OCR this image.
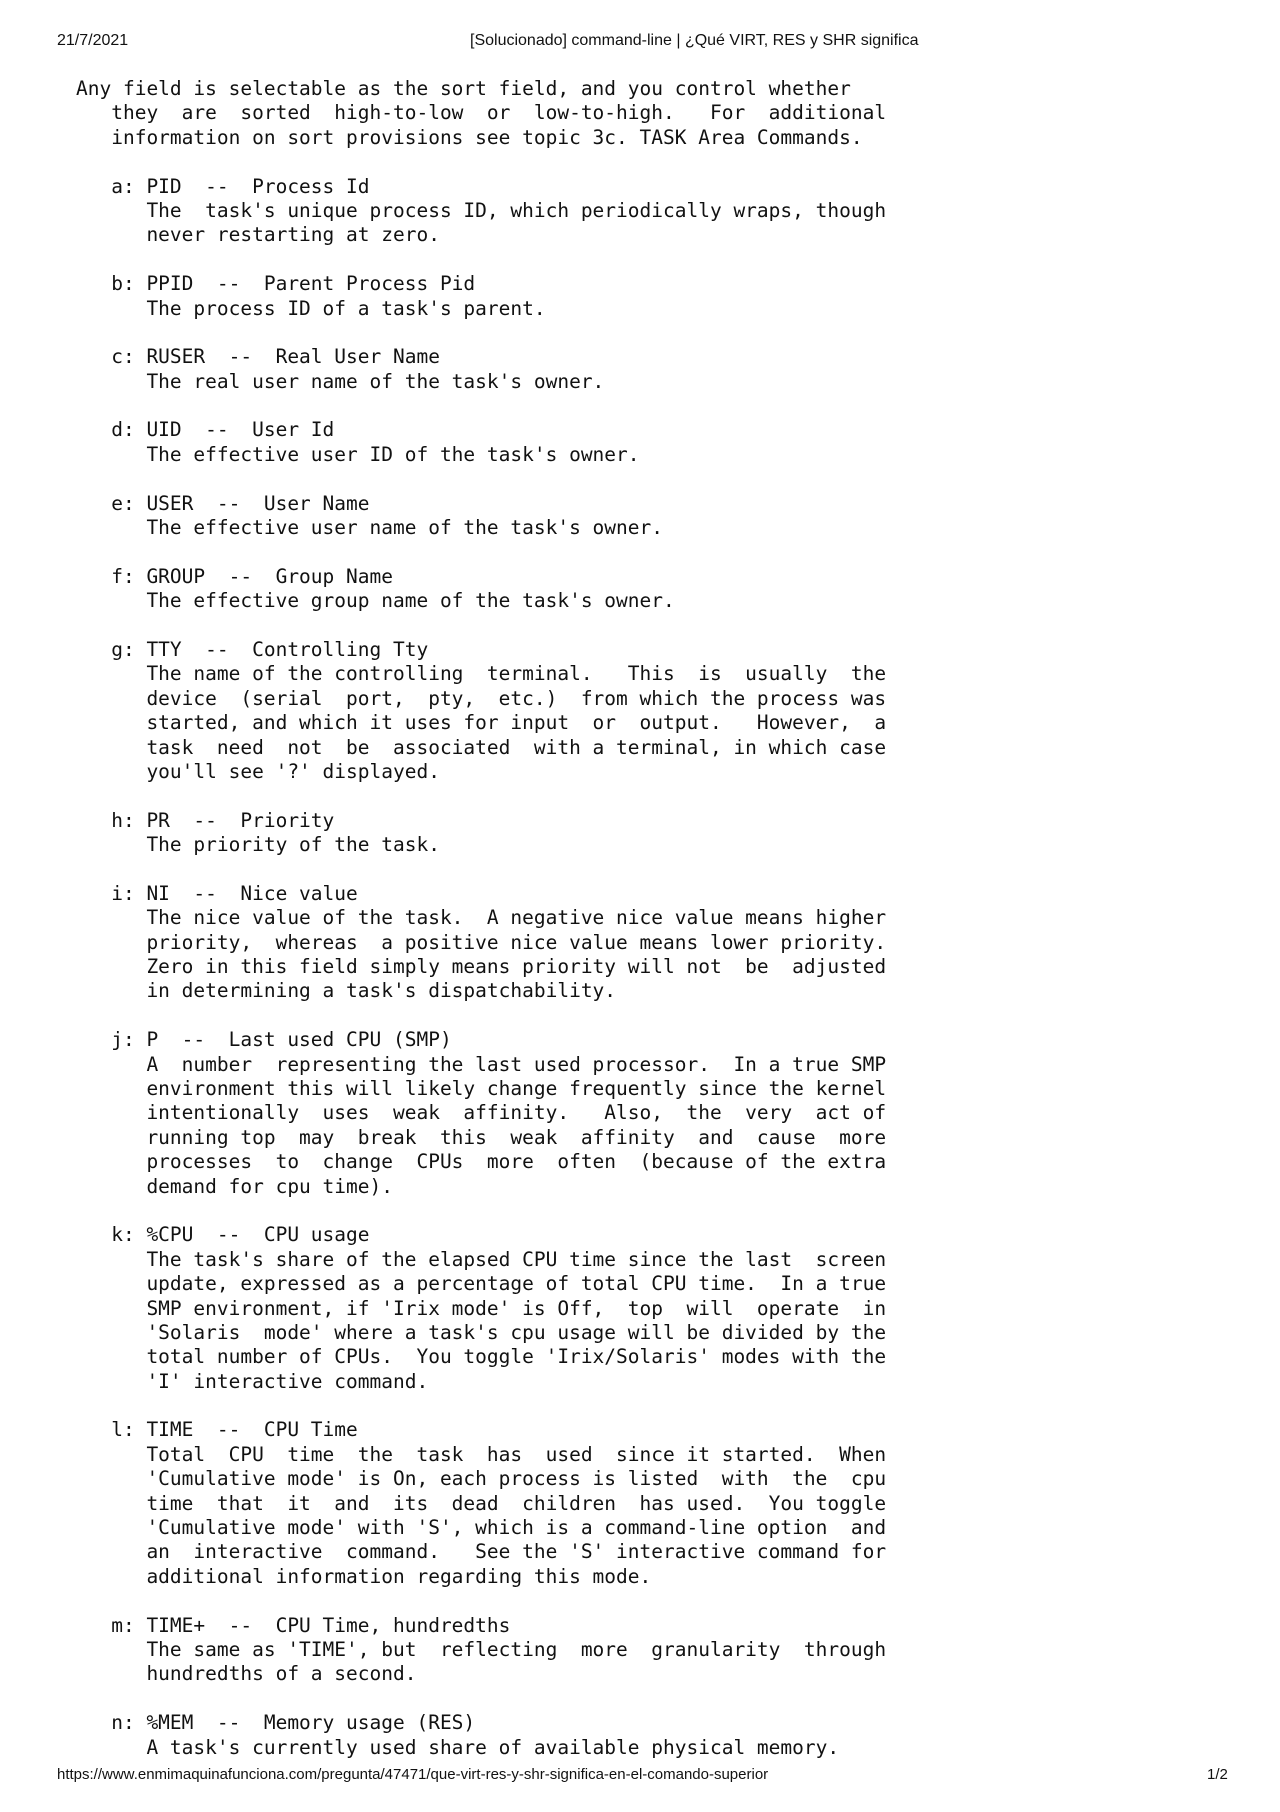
21/7/2021	[Solucionado] command-line | ¿Qué VIRT, RES y SHR significa
Any field is selectable as the sort field, and you control whether
they  are  sorted  high-to-low  or  low-to-high.   For  additional
information on sort provisions see topic 3c. TASK Area Commands.
a: PID  --  Process Id
The  task's unique process ID, which periodically wraps, though
never restarting at zero.
b: PPID  --  Parent Process Pid
The process ID of a task's parent.
c: RUSER  --  Real User Name
The real user name of the task's owner.
d: UID  --  User Id
The effective user ID of the task's owner.
e: USER  --  User Name
The effective user name of the task's owner.
f: GROUP  --  Group Name
The effective group name of the task's owner.
g: TTY  --  Controlling Tty
The name of the controlling  terminal.   This  is  usually  the
device  (serial  port,  pty,  etc.)  from which the process was
started, and which it uses for input  or  output.   However,  a
task  need  not  be  associated  with a terminal, in which case
you'll see '?' displayed.
h: PR  --  Priority
The priority of the task.
i: NI  --  Nice value
The nice value of the task.  A negative nice value means higher
priority,  whereas  a positive nice value means lower priority.
Zero in this field simply means priority will not  be  adjusted
in determining a task's dispatchability.
j: P  --  Last used CPU (SMP)
A  number  representing the last used processor.  In a true SMP
environment this will likely change frequently since the kernel
intentionally  uses  weak  affinity.   Also,  the  very  act of
running top  may  break  this  weak  affinity  and  cause  more
processes  to  change  CPUs  more  often  (because of the extra
demand for cpu time).
k: %CPU  --  CPU usage
The task's share of the elapsed CPU time since the last  screen
update, expressed as a percentage of total CPU time.  In a true
SMP environment, if 'Irix mode' is Off,  top  will  operate  in
'Solaris  mode' where a task's cpu usage will be divided by the
total number of CPUs.  You toggle 'Irix/Solaris' modes with the
'I' interactive command.
l: TIME  --  CPU Time
Total  CPU  time  the  task  has  used  since it started.  When
'Cumulative mode' is On, each process is listed  with  the  cpu
time  that  it  and  its  dead  children  has used.  You toggle
'Cumulative mode' with 'S', which is a command-line option  and
an  interactive  command.   See the 'S' interactive command for
additional information regarding this mode.
m: TIME+  --  CPU Time, hundredths
The same as 'TIME', but  reflecting  more  granularity  through
hundredths of a second.
n: %MEM  --  Memory usage (RES)
A task's currently used share of available physical memory.
https://www.enmimaquinafunciona.com/pregunta/47471/que-virt-res-y-shr-significa-en-el-comando-superior	1/2
